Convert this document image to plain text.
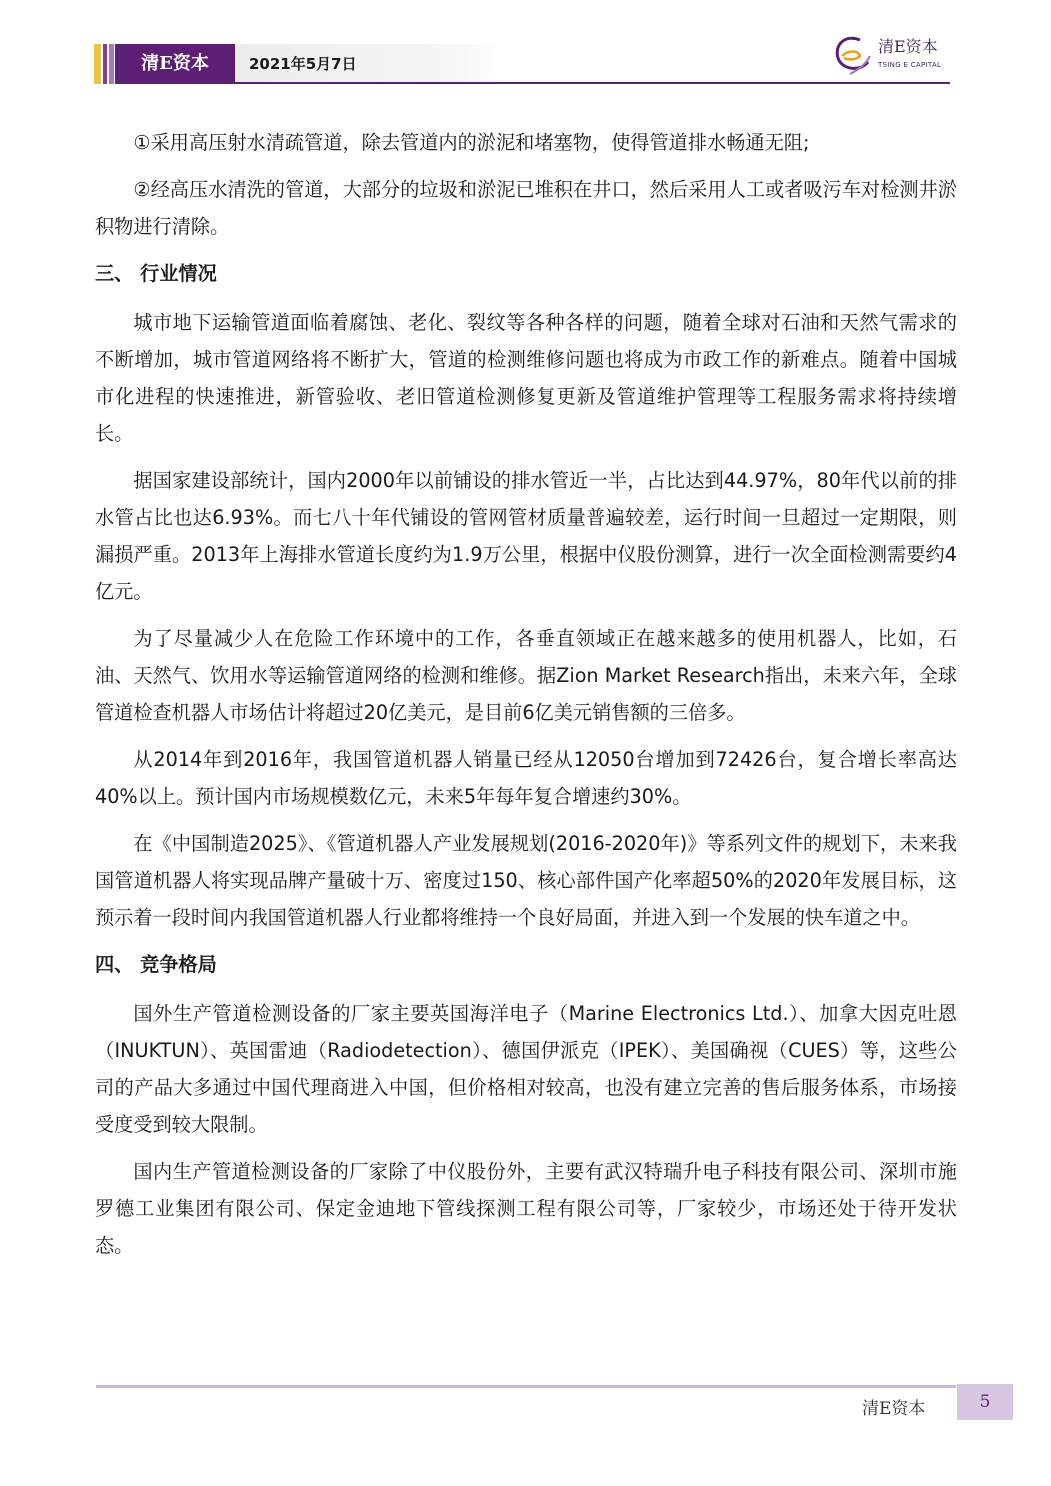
清E资本	2021年5月7日
清E资本
TSING E CAPITAL

①采用高压射水清疏管道，除去管道内的淤泥和堵塞物，使得管道排水畅通无阻;

②经高压水清洗的管道，大部分的垃圾和淤泥已堆积在井口，然后采用人工或者吸污车对检测井淤积物进行清除。

三、 行业情况

城市地下运输管道面临着腐蚀、老化、裂纹等各种各样的问题，随着全球对石油和天然气需求的不断增加，城市管道网络将不断扩大，管道的检测维修问题也将成为市政工作的新难点。随着中国城市化进程的快速推进，新管验收、老旧管道检测修复更新及管道维护管理等工程服务需求将持续增长。

据国家建设部统计，国内2000年以前铺设的排水管近一半，占比达到44.97%，80年代以前的排水管占比也达6.93%。而七八十年代铺设的管网管材质量普遍较差，运行时间一旦超过一定期限，则漏损严重。2013年上海排水管道长度约为1.9万公里，根据中仪股份测算，进行一次全面检测需要约4亿元。

为了尽量减少人在危险工作环境中的工作，各垂直领域正在越来越多的使用机器人，比如，石油、天然气、饮用水等运输管道网络的检测和维修。据Zion Market Research指出，未来六年，全球管道检查机器人市场估计将超过20亿美元，是目前6亿美元销售额的三倍多。

从2014年到2016年，我国管道机器人销量已经从12050台增加到72426台，复合增长率高达40%以上。预计国内市场规模数亿元，未来5年每年复合增速约30%。

在《中国制造2025》、《管道机器人产业发展规划(2016-2020年)》等系列文件的规划下，未来我国管道机器人将实现品牌产量破十万、密度过150、核心部件国产化率超50%的2020年发展目标，这预示着一段时间内我国管道机器人行业都将维持一个良好局面，并进入到一个发展的快车道之中。

四、 竞争格局

国外生产管道检测设备的厂家主要英国海洋电子（Marine Electronics Ltd.）、加拿大因克吐恩（INUKTUN）、英国雷迪（Radiodetection）、德国伊派克（IPEK）、美国确视（CUES）等，这些公司的产品大多通过中国代理商进入中国，但价格相对较高，也没有建立完善的售后服务体系，市场接受度受到较大限制。

国内生产管道检测设备的厂家除了中仪股份外，主要有武汉特瑞升电子科技有限公司、深圳市施罗德工业集团有限公司、保定金迪地下管线探测工程有限公司等，厂家较少，市场还处于待开发状态。

清E资本	5
